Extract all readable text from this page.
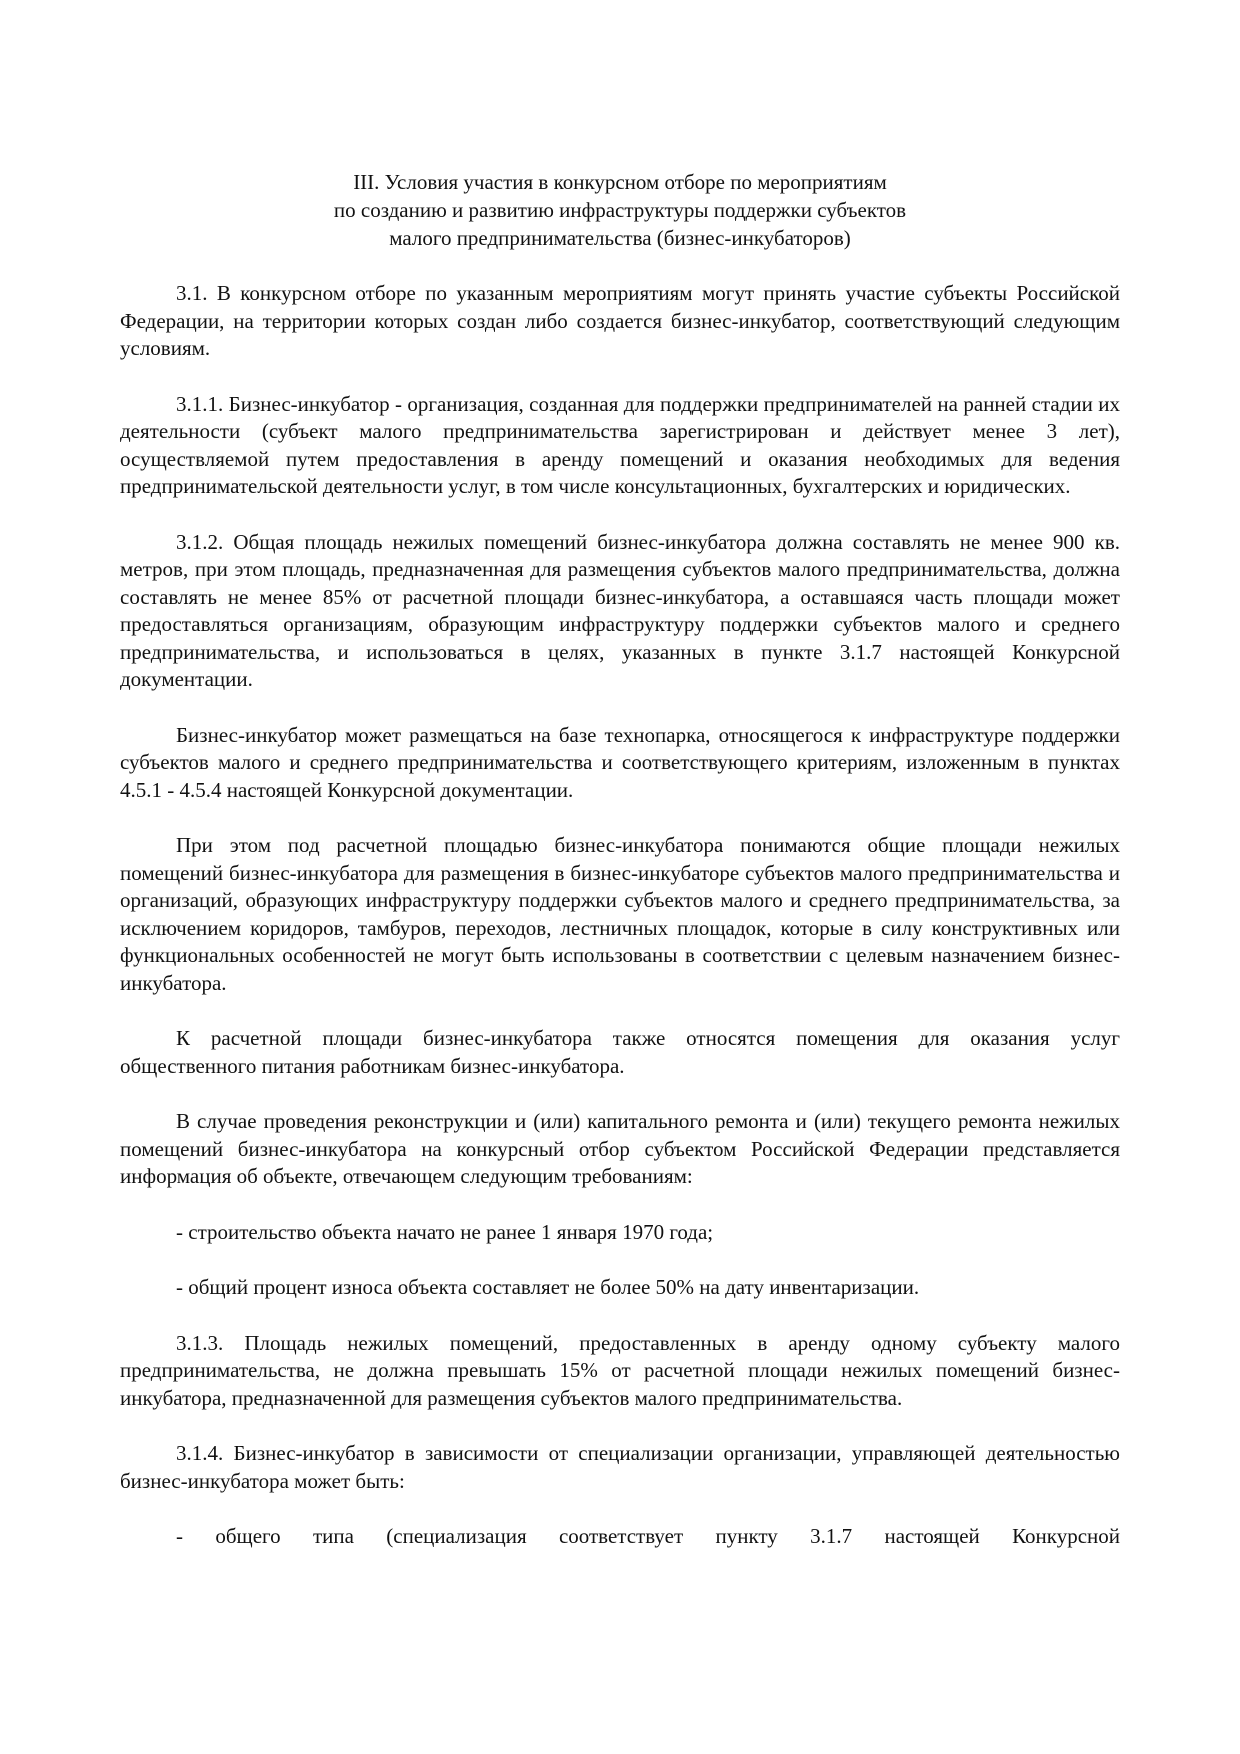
III. Условия участия в конкурсном отборе по мероприятиям
по созданию и развитию инфраструктуры поддержки субъектов
малого предпринимательства (бизнес-инкубаторов)

3.1. В конкурсном отборе по указанным мероприятиям могут принять участие субъекты Российской Федерации, на территории которых создан либо создается бизнес-инкубатор, соответствующий следующим условиям.

3.1.1. Бизнес-инкубатор - организация, созданная для поддержки предпринимателей на ранней стадии их деятельности (субъект малого предпринимательства зарегистрирован и действует менее 3 лет), осуществляемой путем предоставления в аренду помещений и оказания необходимых для ведения предпринимательской деятельности услуг, в том числе консультационных, бухгалтерских и юридических.

3.1.2. Общая площадь нежилых помещений бизнес-инкубатора должна составлять не менее 900 кв. метров, при этом площадь, предназначенная для размещения субъектов малого предпринимательства, должна составлять не менее 85% от расчетной площади бизнес-инкубатора, а оставшаяся часть площади может предоставляться организациям, образующим инфраструктуру поддержки субъектов малого и среднего предпринимательства, и использоваться в целях, указанных в пункте 3.1.7 настоящей Конкурсной документации.

Бизнес-инкубатор может размещаться на базе технопарка, относящегося к инфраструктуре поддержки субъектов малого и среднего предпринимательства и соответствующего критериям, изложенным в пунктах 4.5.1 - 4.5.4 настоящей Конкурсной документации.

При этом под расчетной площадью бизнес-инкубатора понимаются общие площади нежилых помещений бизнес-инкубатора для размещения в бизнес-инкубаторе субъектов малого предпринимательства и организаций, образующих инфраструктуру поддержки субъектов малого и среднего предпринимательства, за исключением коридоров, тамбуров, переходов, лестничных площадок, которые в силу конструктивных или функциональных особенностей не могут быть использованы в соответствии с целевым назначением бизнес-инкубатора.

К расчетной площади бизнес-инкубатора также относятся помещения для оказания услуг общественного питания работникам бизнес-инкубатора.

В случае проведения реконструкции и (или) капитального ремонта и (или) текущего ремонта нежилых помещений бизнес-инкубатора на конкурсный отбор субъектом Российской Федерации представляется информация об объекте, отвечающем следующим требованиям:

- строительство объекта начато не ранее 1 января 1970 года;

- общий процент износа объекта составляет не более 50% на дату инвентаризации.

3.1.3. Площадь нежилых помещений, предоставленных в аренду одному субъекту малого предпринимательства, не должна превышать 15% от расчетной площади нежилых помещений бизнес-инкубатора, предназначенной для размещения субъектов малого предпринимательства.

3.1.4. Бизнес-инкубатор в зависимости от специализации организации, управляющей деятельностью бизнес-инкубатора может быть:

- общего типа (специализация соответствует пункту 3.1.7 настоящей Конкурсной
